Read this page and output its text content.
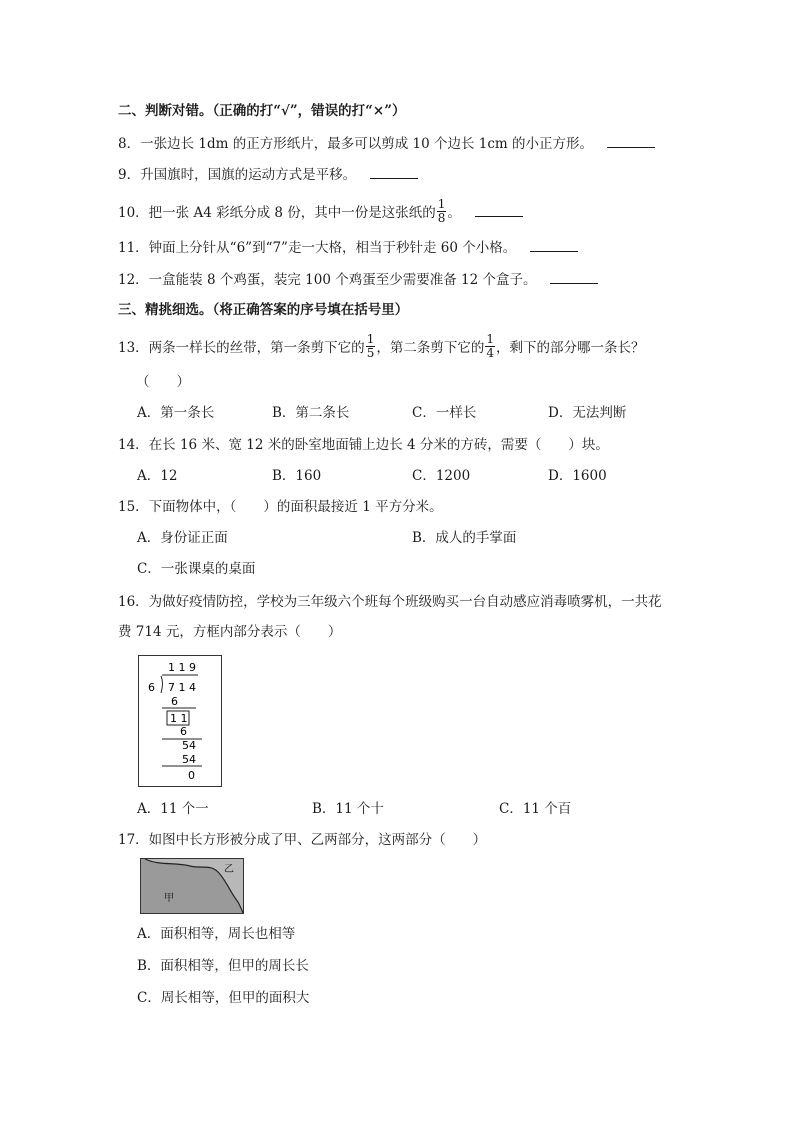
二、判断对错。（正确的打“√”，错误的打“×”）
8．一张边长 1dm 的正方形纸片，最多可以剪成 10 个边长 1cm 的小正方形。
9．升国旗时，国旗的运动方式是平移。
10．把一张 A4 彩纸分成 8 份，其中一份是这张纸的 $\frac{1}{8}$ 。
11．钟面上分针从“6”到“7”走一大格，相当于秒针走 60 个小格。
12．一盒能装 8 个鸡蛋，装完 100 个鸡蛋至少需要准备 12 个盒子。
三、精挑细选。（将正确答案的序号填在括号里）
13．两条一样长的丝带，第一条剪下它的 $\frac{1}{5}$ ，第二条剪下它的 $\frac{1}{4}$ ，剩下的部分哪一条长？
（　　）
A．第一条长	B．第二条长	C．一样长	D．无法判断
14．在长 16 米、宽 12 米的卧室地面铺上边长 4 分米的方砖，需要（　　）块。
A．12	B．160	C．1200	D．1600
15．下面物体中，（　　）的面积最接近 1 平方分米。
A．身份证正面	B．成人的手掌面
C．一张课桌的桌面
16．为做好疫情防控，学校为三年级六个班每个班级购买一台自动感应消毒喷雾机，一共花
费 714 元，方框内部分表示（　　）
1 1 9
6 7 1 4
6
1 1
6
54
54
0
A．11 个一	B．11 个十	C．11 个百
17．如图中长方形被分成了甲、乙两部分，这两部分（　　）
甲
乙
A．面积相等，周长也相等
B．面积相等，但甲的周长长
C．周长相等，但甲的面积大
